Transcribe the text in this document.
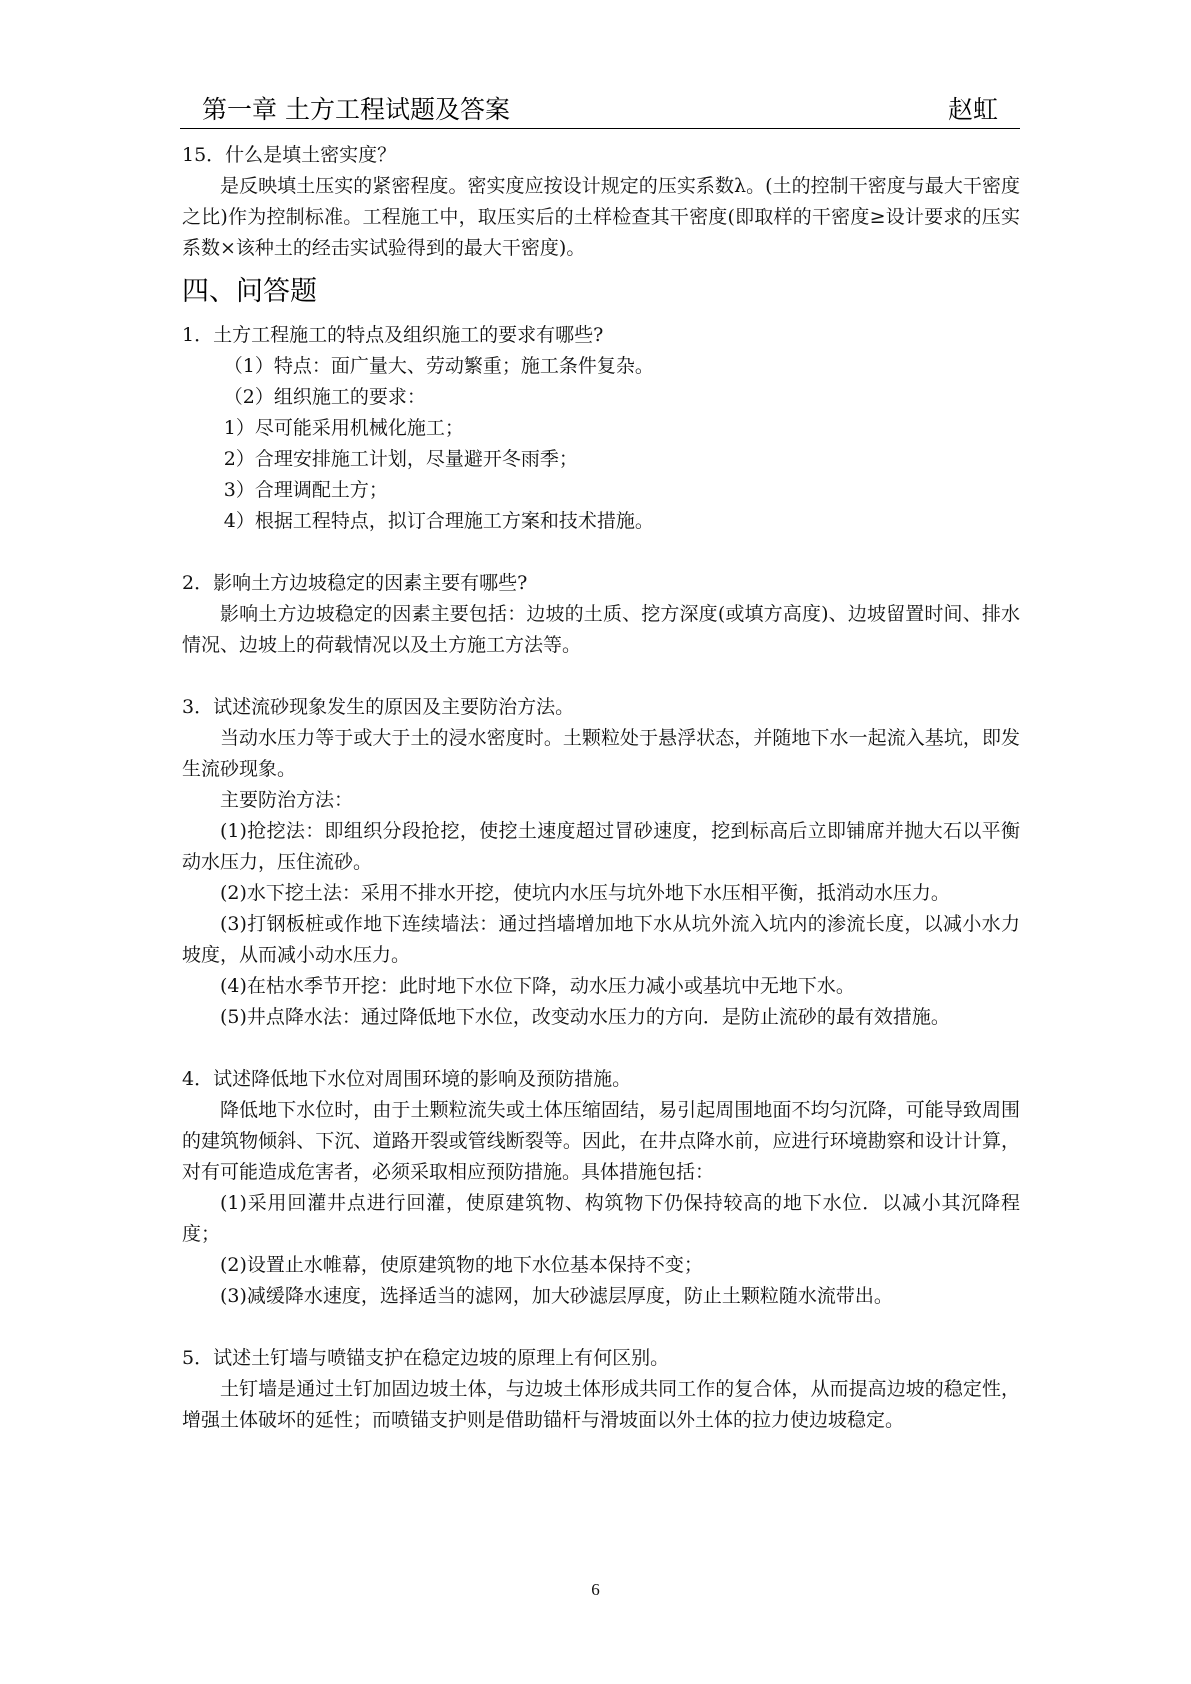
第一章 土方工程试题及答案	赵虹

15．什么是填土密实度？

是反映填土压实的紧密程度。密实度应按设计规定的压实系数λ。(土的控制干密度与最大干密度之比)作为控制标准。工程施工中，取压实后的土样检查其干密度(即取样的干密度≥设计要求的压实系数×该种土的经击实试验得到的最大干密度)。

四、问答题

1．土方工程施工的特点及组织施工的要求有哪些?

（1）特点：面广量大、劳动繁重；施工条件复杂。

（2）组织施工的要求：

1）尽可能采用机械化施工；

2）合理安排施工计划，尽量避开冬雨季；

3）合理调配土方；

4）根据工程特点，拟订合理施工方案和技术措施。

2．影响土方边坡稳定的因素主要有哪些?

影响土方边坡稳定的因素主要包括：边坡的土质、挖方深度(或填方高度)、边坡留置时间、排水情况、边坡上的荷载情况以及土方施工方法等。

3．试述流砂现象发生的原因及主要防治方法。

当动水压力等于或大于土的浸水密度时。土颗粒处于悬浮状态，并随地下水一起流入基坑，即发生流砂现象。

主要防治方法：

(1)抢挖法：即组织分段抢挖，使挖土速度超过冒砂速度，挖到标高后立即铺席并抛大石以平衡动水压力，压住流砂。

(2)水下挖土法：采用不排水开挖，使坑内水压与坑外地下水压相平衡，抵消动水压力。

(3)打钢板桩或作地下连续墙法：通过挡墙增加地下水从坑外流入坑内的渗流长度，以减小水力坡度，从而减小动水压力。

(4)在枯水季节开挖：此时地下水位下降，动水压力减小或基坑中无地下水。

(5)井点降水法：通过降低地下水位，改变动水压力的方向．是防止流砂的最有效措施。

4．试述降低地下水位对周围环境的影响及预防措施。

降低地下水位时，由于土颗粒流失或土体压缩固结，易引起周围地面不均匀沉降，可能导致周围的建筑物倾斜、下沉、道路开裂或管线断裂等。因此，在井点降水前，应进行环境勘察和设计计算，对有可能造成危害者，必须采取相应预防措施。具体措施包括：

(1)采用回灌井点进行回灌，使原建筑物、构筑物下仍保持较高的地下水位．以减小其沉降程度；

(2)设置止水帷幕，使原建筑物的地下水位基本保持不变；

(3)减缓降水速度，选择适当的滤网，加大砂滤层厚度，防止土颗粒随水流带出。

5．试述土钉墙与喷锚支护在稳定边坡的原理上有何区别。

土钉墙是通过土钉加固边坡土体，与边坡土体形成共同工作的复合体，从而提高边坡的稳定性，增强土体破坏的延性；而喷锚支护则是借助锚杆与滑坡面以外土体的拉力使边坡稳定。

6
